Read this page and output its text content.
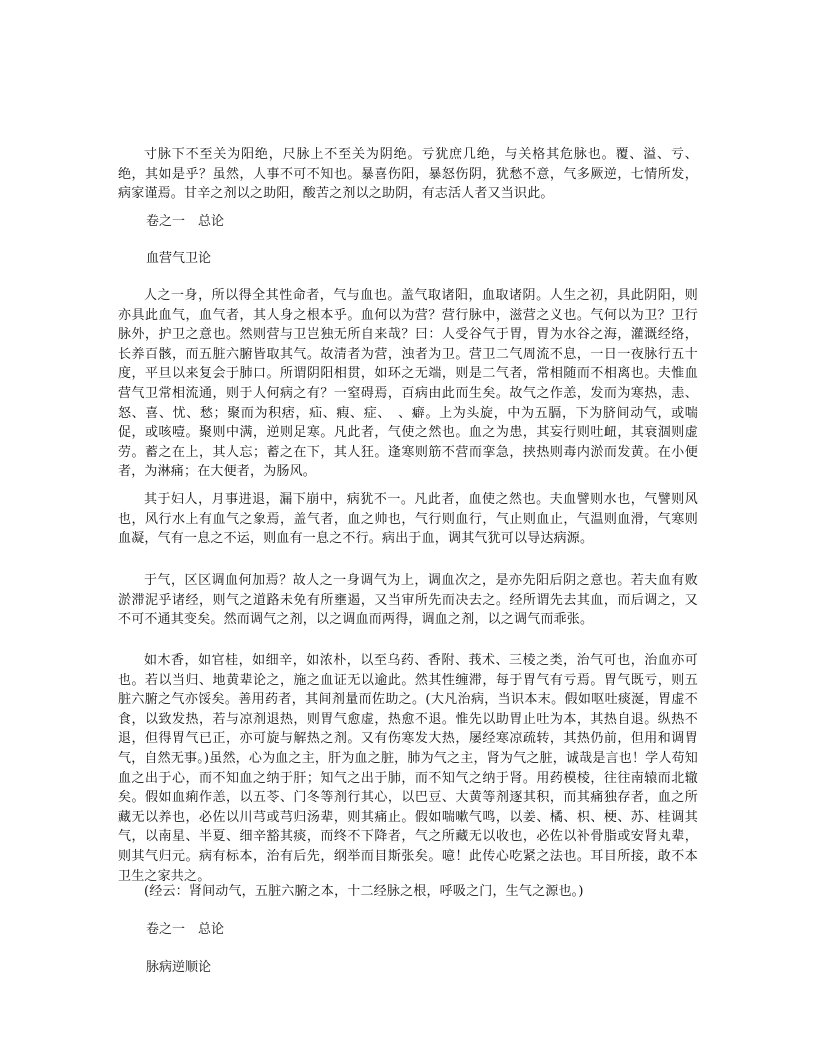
寸脉下不至关为阳绝，尺脉上不至关为阴绝。亏犹庶几绝，与关格其危脉也。覆、溢、亏、绝，其如是乎？虽然，人事不可不知也。暴喜伤阳，暴怒伤阴，犹愁不意，气多厥逆，七情所发，病家谨焉。甘辛之剂以之助阳，酸苦之剂以之助阴，有志活人者又当识此。

卷之一　总论

血营气卫论

人之一身，所以得全其性命者，气与血也。盖气取诸阳，血取诸阴。人生之初，具此阴阳，则亦具此血气，血气者，其人身之根本乎。血何以为营？营行脉中，滋营之义也。气何以为卫？卫行脉外，护卫之意也。然则营与卫岂独无所自来哉？曰：人受谷气于胃，胃为水谷之海，灌溉经络，长养百骸，而五脏六腑皆取其气。故清者为营，浊者为卫。营卫二气周流不息，一日一夜脉行五十度，平旦以来复会于肺口。所谓阴阳相贯，如环之无端，则是二气者，常相随而不相离也。夫惟血营气卫常相流通，则于人何病之有？一窒碍焉，百病由此而生矣。故气之作恙，发而为寒热，恚、怒、喜、忧、愁；聚而为积痞，疝、瘕、症、　、癖。上为头旋，中为五膈，下为脐间动气，或喘促，或咳噎。聚则中满，逆则足寒。凡此者，气使之然也。血之为患，其妄行则吐衄，其衰涸则虚劳。蓄之在上，其人忘；蓄之在下，其人狂。逢寒则筋不营而挛急，挟热则毒内淤而发黄。在小便者，为淋痛；在大便者，为肠风。

其于妇人，月事进退，漏下崩中，病犹不一。凡此者，血使之然也。夫血譬则水也，气譬则风也，风行水上有血气之象焉，盖气者，血之帅也，气行则血行，气止则血止，气温则血滑，气寒则血凝，气有一息之不运，则血有一息之不行。病出于血，调其气犹可以导达病源。

于气，区区调血何加焉？故人之一身调气为上，调血次之，是亦先阳后阴之意也。若夫血有败淤滞泥乎诸经，则气之道路未免有所壅遏，又当审所先而决去之。经所谓先去其血，而后调之，又不可不通其变矣。然而调气之剂，以之调血而两得，调血之剂，以之调气而乖张。

如木香，如官桂，如细辛，如浓朴，以至乌药、香附、莪术、三棱之类，治气可也，治血亦可也。若以当归、地黄辈论之，施之血证无以逾此。然其性缠滞，每于胃气有亏焉。胃气既亏，则五脏六腑之气亦馁矣。善用药者，其间剂量而佐助之。(大凡治病，当识本末。假如呕吐痰涎，胃虚不食，以致发热，若与凉剂退热，则胃气愈虚，热愈不退。惟先以助胃止吐为本，其热自退。纵热不退，但得胃气已正，亦可旋与解热之剂。又有伤寒发大热，屡经寒凉疏转，其热仍前，但用和调胃气，自然无事。)虽然，心为血之主，肝为血之脏，肺为气之主，肾为气之脏，诚哉是言也！学人苟知血之出于心，而不知血之纳于肝；知气之出于肺，而不知气之纳于肾。用药模棱，往往南辕而北辙矣。假如血痢作恙，以五苓、门冬等剂行其心，以巴豆、大黄等剂逐其积，而其痛独存者，血之所藏无以养也，必佐以川芎或芎归汤辈，则其痛止。假如喘嗽气鸣，以姜、橘、枳、梗、苏、桂调其气，以南星、半夏、细辛豁其痰，而终不下降者，气之所藏无以收也，必佐以补骨脂或安肾丸辈，则其气归元。病有标本，治有后先，纲举而目斯张矣。噫！此传心吃紧之法也。耳目所接，敢不本卫生之家共之。

(经云：肾间动气，五脏六腑之本，十二经脉之根，呼吸之门，生气之源也。)

卷之一　总论

脉病逆顺论
